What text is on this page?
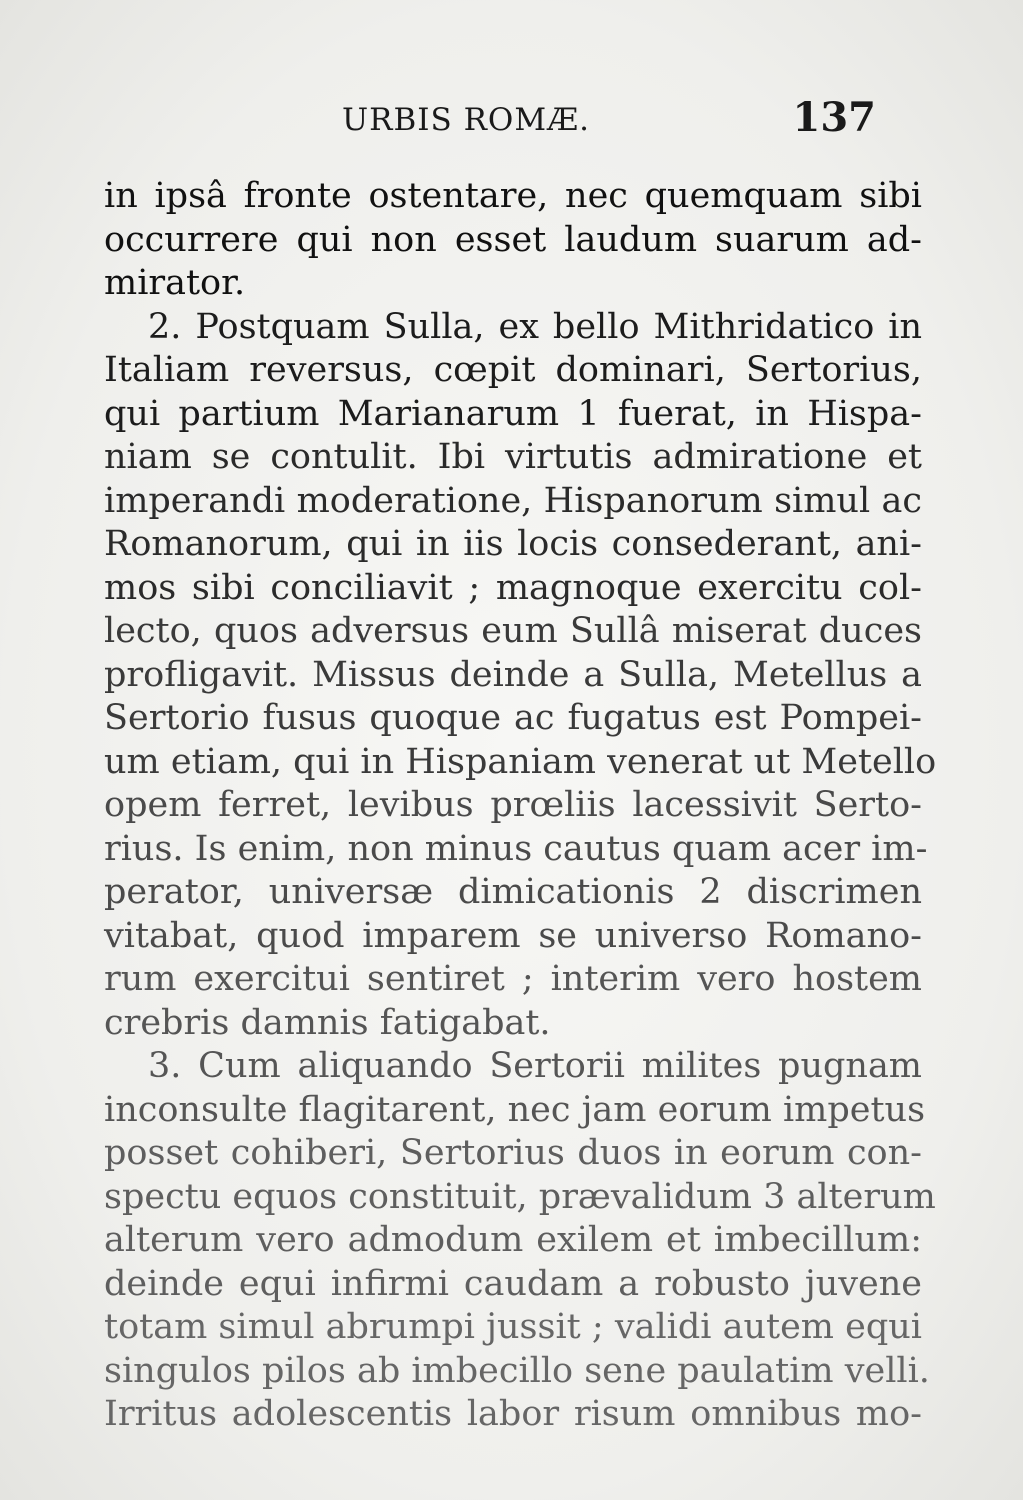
URBIS ROMÆ.	137
in ipsâ fronte ostentare, nec quemquam sibi
occurrere qui non esset laudum suarum ad-
mirator.
2. Postquam Sulla, ex bello Mithridatico in
Italiam reversus, cœpit dominari, Sertorius,
qui partium Marianarum 1 fuerat, in Hispa-
niam se contulit. Ibi virtutis admiratione et
imperandi moderatione, Hispanorum simul ac
Romanorum, qui in iis locis consederant, ani-
mos sibi conciliavit ; magnoque exercitu col-
lecto, quos adversus eum Sullâ miserat duces
profligavit. Missus deinde a Sulla, Metellus a
Sertorio fusus quoque ac fugatus est Pompei-
um etiam, qui in Hispaniam venerat ut Metello
opem ferret, levibus prœliis lacessivit Serto-
rius. Is enim, non minus cautus quam acer im-
perator, universæ dimicationis 2 discrimen
vitabat, quod imparem se universo Romano-
rum exercitui sentiret ; interim vero hostem
crebris damnis fatigabat.
3. Cum aliquando Sertorii milites pugnam
inconsulte flagitarent, nec jam eorum impetus
posset cohiberi, Sertorius duos in eorum con-
spectu equos constituit, prævalidum 3 alterum
alterum vero admodum exilem et imbecillum:
deinde equi infirmi caudam a robusto juvene
totam simul abrumpi jussit ; validi autem equi
singulos pilos ab imbecillo sene paulatim velli.
Irritus adolescentis labor risum omnibus mo-
